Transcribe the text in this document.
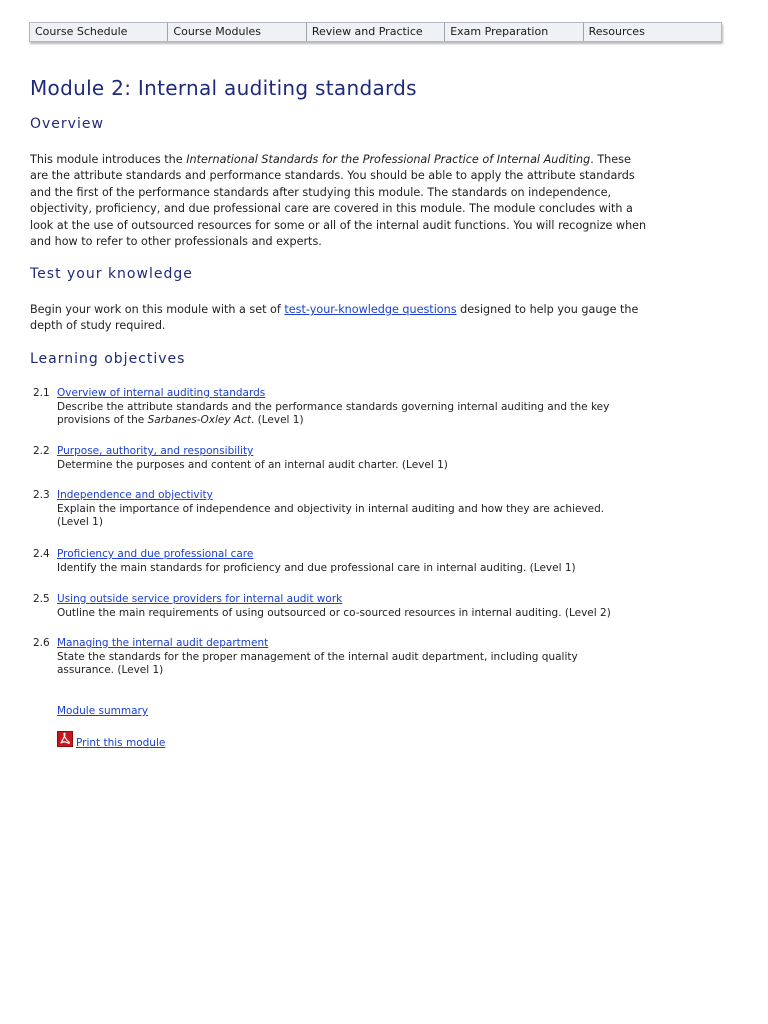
Course Schedule	Course Modules	Review and Practice	Exam Preparation	Resources
Module 2: Internal auditing standards
Overview

This module introduces the International Standards for the Professional Practice of Internal Auditing. These are the attribute standards and performance standards. You should be able to apply the attribute standards and the first of the performance standards after studying this module. The standards on independence, objectivity, proficiency, and due professional care are covered in this module. The module concludes with a look at the use of outsourced resources for some or all of the internal audit functions. You will recognize when and how to refer to other professionals and experts.

Test your knowledge

Begin your work on this module with a set of test-your-knowledge questions designed to help you gauge the depth of study required.

Learning objectives
2.1 Overview of internal auditing standards
Describe the attribute standards and the performance standards governing internal auditing and the key provisions of the Sarbanes-Oxley Act. (Level 1)
2.2 Purpose, authority, and responsibility
Determine the purposes and content of an internal audit charter. (Level 1)
2.3 Independence and objectivity
Explain the importance of independence and objectivity in internal auditing and how they are achieved. (Level 1)
2.4 Proficiency and due professional care
Identify the main standards for proficiency and due professional care in internal auditing. (Level 1)
2.5 Using outside service providers for internal audit work
Outline the main requirements of using outsourced or co-sourced resources in internal auditing. (Level 2)
2.6 Managing the internal audit department
State the standards for the proper management of the internal audit department, including quality assurance. (Level 1)
Module summary
Print this module
